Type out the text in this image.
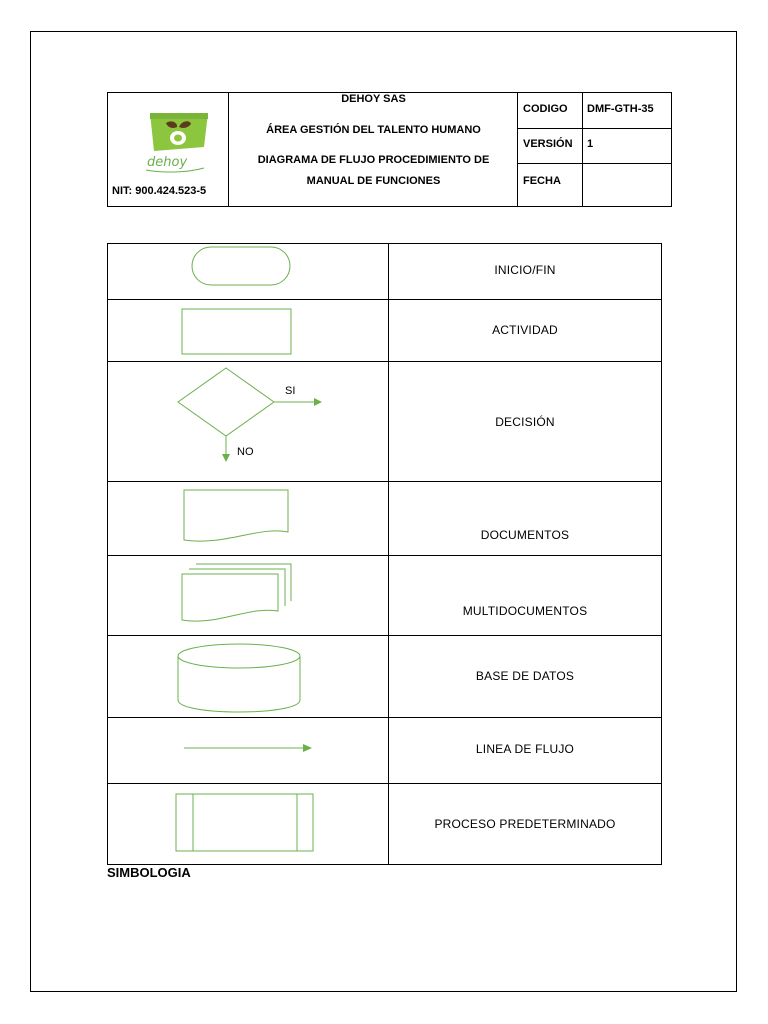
dehoy
NIT: 900.424.523-5
DEHOY SAS
ÁREA GESTIÓN DEL TALENTO HUMANO
DIAGRAMA DE FLUJO PROCEDIMIENTO DE
MANUAL DE FUNCIONES
CODIGO DMF-GTH-35
VERSIÓN 1
FECHA
INICIO/FIN
ACTIVIDAD
SI
NO
DECISIÓN
DOCUMENTOS
MULTIDOCUMENTOS
BASE DE DATOS
LINEA DE FLUJO
PROCESO PREDETERMINADO
SIMBOLOGIA
